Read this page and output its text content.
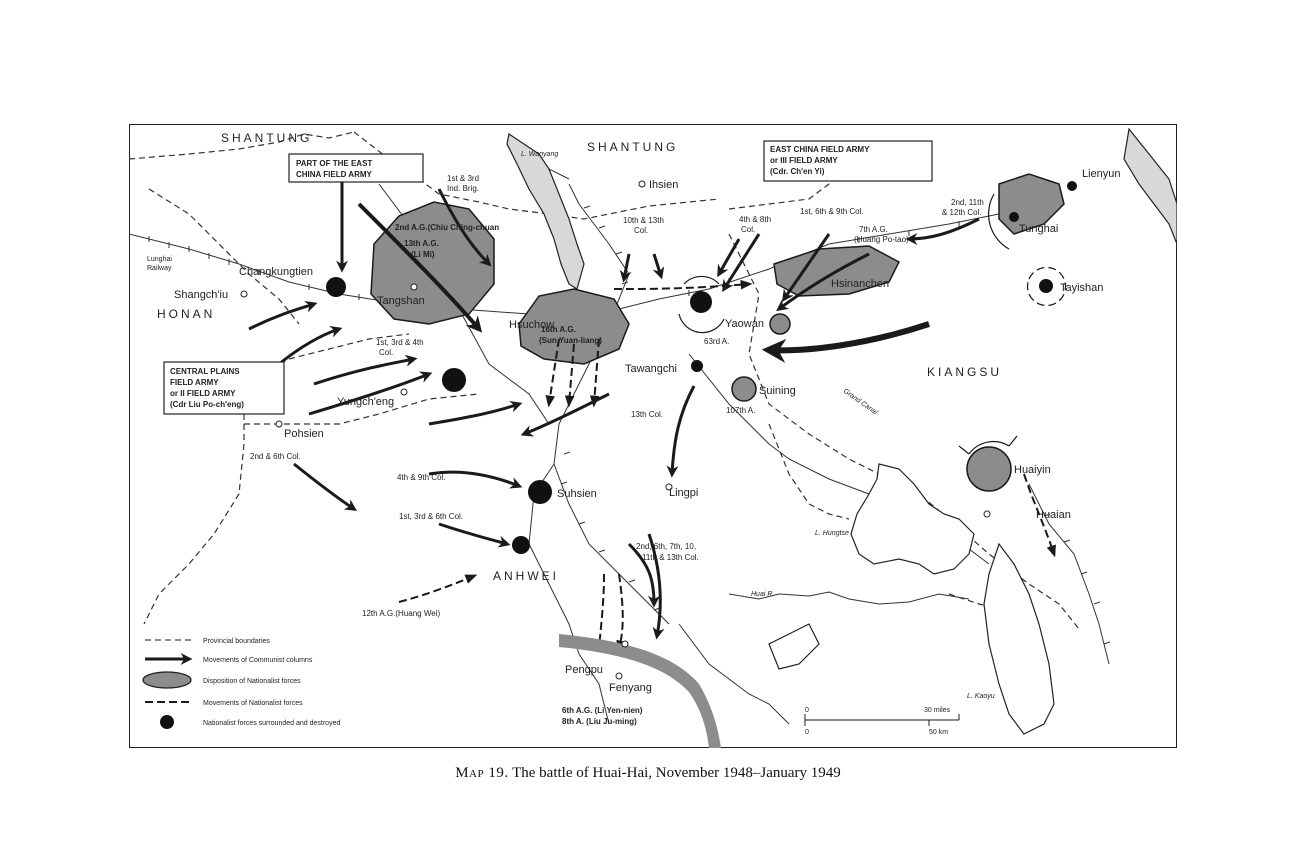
SHANTUNG
SHANTUNG
HONAN
KIANGSU
ANHWEI
Ihsien
Changkungtien
Shangch'iu	Tangshan
Hsuchow	Yaowan
Hsinanchen
Tawangchi
Suining
Yungch'eng
Pohsien
Suhsien	Lingpi
Huaiyin
Huaian
Lienyun
Tunghai
Tayishan
Pengpu
Fenyang
L. Wanyang
Grand Canal
L. Hungtse
Huai R.
L. Kaoyu
Lunghai Railway
PART OF THE EAST
CHINA FIELD ARMY
EAST CHINA FIELD ARMY
or III FIELD ARMY
(Cdr. Ch'en Yi)
CENTRAL PLAINS
FIELD ARMY
or II FIELD ARMY
(Cdr Liu Po-ch'eng)
1st & 3rd
Ind. Brig.
2nd A.G.(Chiu Ching-chuan
13th A.G.
(Li Mi)
10th & 13th
Col.
4th & 8th
Col.
1st, 6th & 9th Col.
7th A.G.
(Huang Po-tao)
2nd, 11th
& 12th Col.
16th A.G.
(Sun Yuan-liang)
1st, 3rd & 4th
Col.
63rd A.
107th A.
13th Col.
2nd & 6th Col.
4th & 9th Col.
1st, 3rd & 6th Col.
2nd, 6th, 7th, 10,
11th & 13th Col.
12th A.G.(Huang Wei)
6th A.G. (Li Yen-nien)
8th A. (Liu Ju-ming)
Provincial boundaries
Movements of Communist columns
Disposition of Nationalist forces
Movements of Nationalist forces
Nationalist forces surrounded and destroyed
0	30 miles
0	50 km
Map 19. The battle of Huai-Hai, November 1948–January 1949
